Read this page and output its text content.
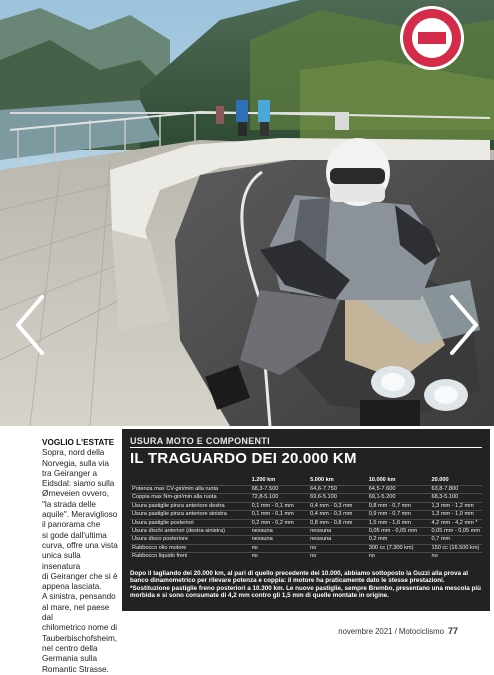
VOGLIO L'ESTATE
Sopra, nord della
Norvegia, sulla via
tra Geiranger a
Eidsdal: siamo sulla
Ørneveien ovvero,
"la strada delle
aquile". Meraviglioso
il panorama che
si gode dall'ultima
curva, offre una vista
unica sulla insenatura
di Geiranger che si è
appena lasciata.
A sinistra, pensando
al mare, nel paese dal
chilometrico nome di
Tauberbischofsheim,
nel centro della
Germania sulla
Romantic Strasse.
USURA MOTO E COMPONENTI
IL TRAGUARDO DEI 20.000 KM
	1.200 km	5.000 km	10.000 km	20.000
Potenza max CV-giri/min alla ruota	68,3-7.500	64,6-7.750	64,5-7.600	63,8-7.800
Coppia max Nm-giri/min alla ruota	72,8-5.100	69,6-5.100	69,1-5.200	68,3-5.100
Usura pastiglie pinza anteriore destra	0,1 mm - 0,1 mm	0,4 mm - 0,3 mm	0,8 mm - 0,7 mm	1,3 mm - 1,2 mm
Usura pastiglie pinza anteriore sinistra	0,1 mm - 0,1 mm	0,4 mm - 0,3 mm	0,9 mm - 0,7 mm	1,3 mm - 1,0 mm
Usura pastiglie posteriori	0,2 mm - 0,2 mm	0,8 mm - 0,8 mm	1,5 mm - 1,6 mm	4,2 mm - 4,2 mm *
Usura dischi anteriori (destra-sinistra)	nessuna	nessuna	0,05 mm - 0,05 mm	0,05 mm - 0,05 mm
Usura disco posteriore	nessuna	nessuna	0,2 mm	0,7 mm
Rabbocco olio motore	no	no	300 cc (7.300 km)	150 cc (16.500 km)
Rabbocco liquido freni	no	no	no	no
Dopo il tagliando dei 20.000 km, al pari di quello precedente dei 10.000, abbiamo sottoposto la Guzzi alla prova al banco dinamometrico per rilevare potenza e coppia: il motore ha praticamente dato le stesse prestazioni. *Sostituzione pastiglie freno posteriori a 10.300 km. Le nuove pastiglie, sempre Brembo, presentano una mescola più morbida e si sono consumate di 4,2 mm contro gli 1,5 mm di quelle montate in origine.
novembre 2021 / Motociclismo 77
